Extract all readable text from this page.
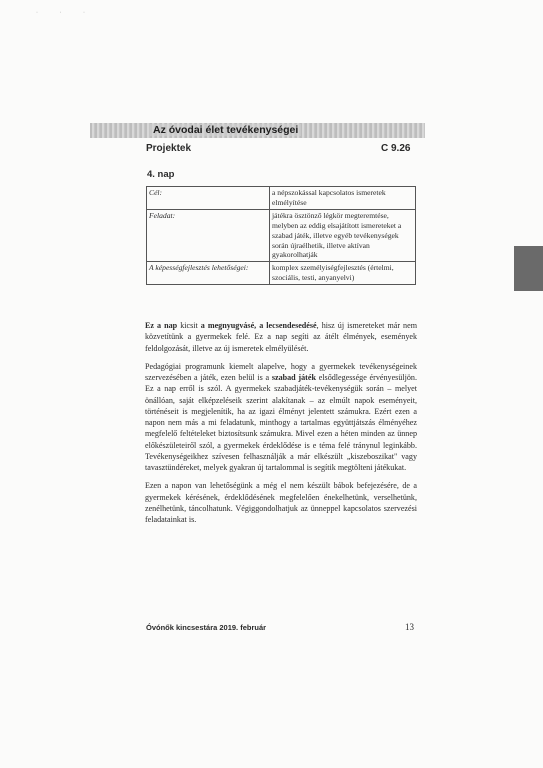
· · ·
Az óvodai élet tevékenységei
Projektek	C 9.26
4. nap
Cél:	a népszokással kapcsolatos ismeretek elmélyítése
Feladat:	játékra ösztönző légkör megteremtése, melyben az eddig elsajátított ismereteket a szabad játék, illetve egyéb tevékenységek során újraélhetik, illetve aktívan gyakorolhatják
A képességfejlesztés lehetőségei:	komplex személyiségfejlesztés (értelmi, szociális, testi, anyanyelvi)

Ez a nap kicsit a megnyugvásé, a lecsendesedésé, hisz új ismereteket már nem közvetítünk a gyermekek felé. Ez a nap segíti az átélt élmények, események feldolgozását, illetve az új ismeretek elmélyülését.

Pedagógiai programunk kiemelt alapelve, hogy a gyermekek tevékenységeinek szervezésében a játék, ezen belül is a szabad játék elsődlegessége érvényesüljön. Ez a nap erről is szól. A gyermekek szabadjáték-tevékenységük során – melyet önállóan, saját elképzeléseik szerint alakítanak – az elmúlt napok eseményeit, történéseit is megjelenítik, ha az igazi élményt jelentett számukra. Ezért ezen a napon nem más a mi feladatunk, minthogy a tartalmas együttjátszás élményéhez megfelelő feltételeket biztosítsunk számukra. Mivel ezen a héten minden az ünnep előkészületeiről szól, a gyermekek érdeklődése is e téma felé tránynul leginkább. Tevékenységeikhez szívesen felhasználják a már elkészült „kiszeboszikat" vagy tavasztündéreket, melyek gyakran új tartalommal is segítik megtölteni játékukat.

Ezen a napon van lehetőségünk a még el nem készült bábok befejezésére, de a gyermekek kérésének, érdeklődésének megfelelően énekelhetünk, verselhetünk, zenélhetünk, táncolhatunk. Végiggondolhatjuk az ünneppel kapcsolatos szervezési feladatainkat is.

Óvónők kincsestára 2019. február	13
